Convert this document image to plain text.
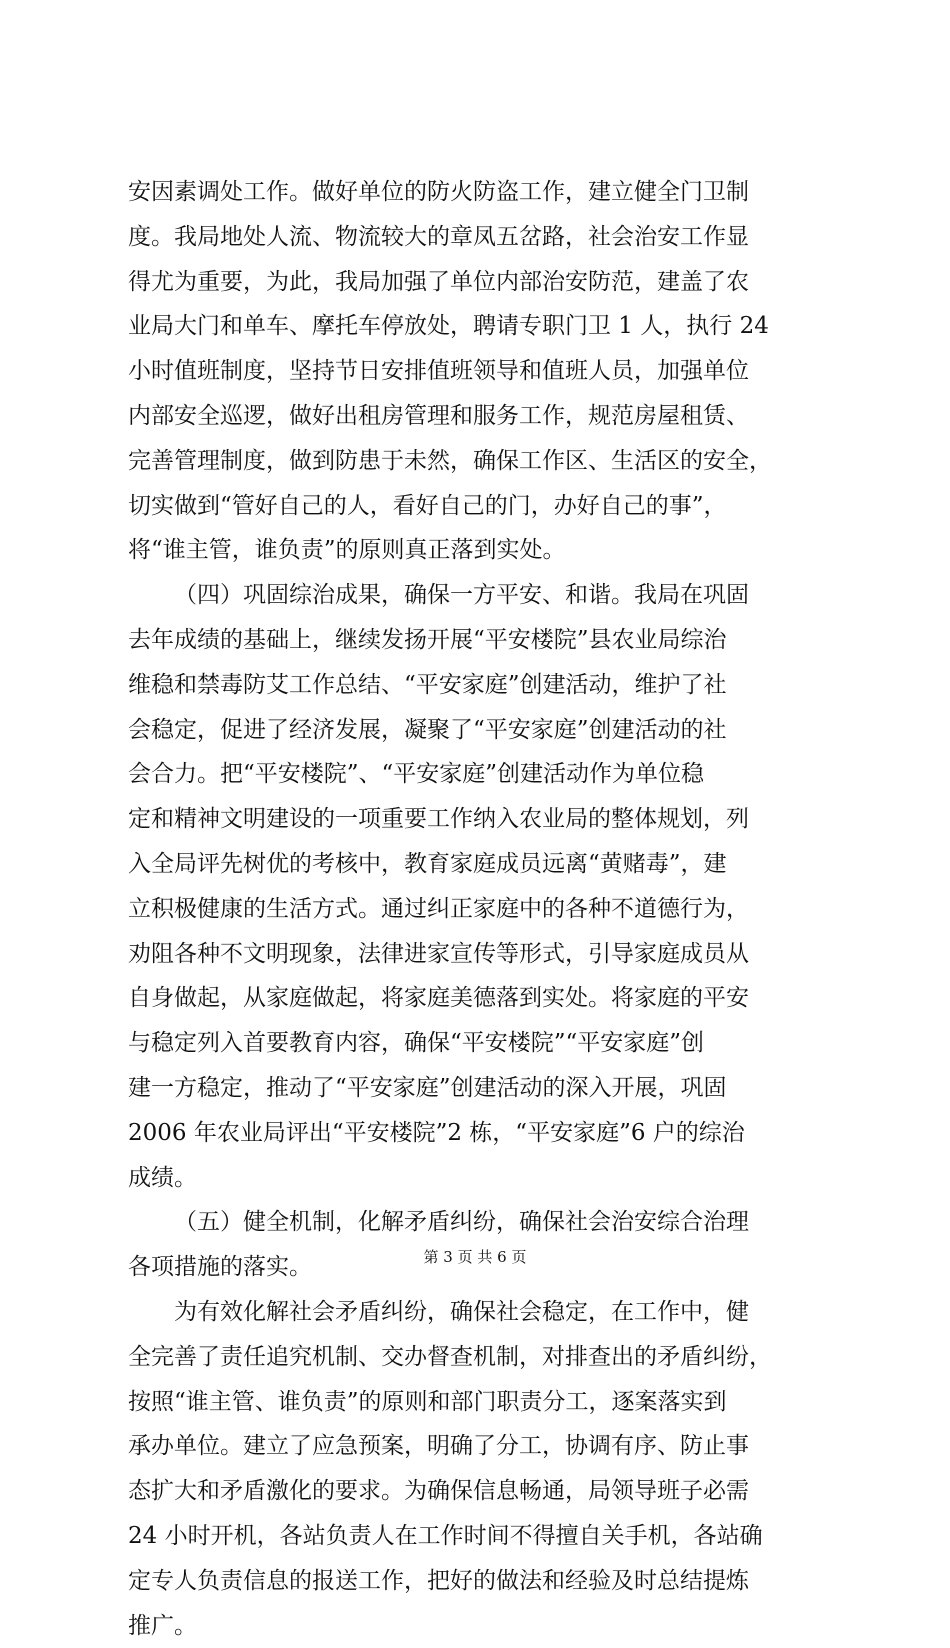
安因素调处工作。做好单位的防火防盗工作，建立健全门卫制
度。我局地处人流、物流较大的章凤五岔路，社会治安工作显
得尤为重要，为此，我局加强了单位内部治安防范，建盖了农
业局大门和单车、摩托车停放处，聘请专职门卫 1 人，执行 24
小时值班制度，坚持节日安排值班领导和值班人员，加强单位
内部安全巡逻，做好出租房管理和服务工作，规范房屋租赁、
完善管理制度，做到防患于未然，确保工作区、生活区的安全，
切实做到“管好自己的人，看好自己的门，办好自己的事”，
将“谁主管，谁负责”的原则真正落到实处。
（四）巩固综治成果，确保一方平安、和谐。我局在巩固
去年成绩的基础上，继续发扬开展“平安楼院”县农业局综治
维稳和禁毒防艾工作总结、“平安家庭”创建活动，维护了社
会稳定，促进了经济发展，凝聚了“平安家庭”创建活动的社
会合力。把“平安楼院”、“平安家庭”创建活动作为单位稳
定和精神文明建设的一项重要工作纳入农业局的整体规划，列
入全局评先树优的考核中，教育家庭成员远离“黄赌毒”，建
立积极健康的生活方式。通过纠正家庭中的各种不道德行为，
劝阻各种不文明现象，法律进家宣传等形式，引导家庭成员从
自身做起，从家庭做起，将家庭美德落到实处。将家庭的平安
与稳定列入首要教育内容，确保“平安楼院”“平安家庭”创
建一方稳定，推动了“平安家庭”创建活动的深入开展，巩固
2006 年农业局评出“平安楼院”2 栋，“平安家庭”6 户的综治
成绩。
（五）健全机制，化解矛盾纠纷，确保社会治安综合治理
各项措施的落实。
为有效化解社会矛盾纠纷，确保社会稳定，在工作中，健
全完善了责任追究机制、交办督查机制，对排查出的矛盾纠纷，
按照“谁主管、谁负责”的原则和部门职责分工，逐案落实到
承办单位。建立了应急预案，明确了分工，协调有序、防止事
态扩大和矛盾激化的要求。为确保信息畅通，局领导班子必需
24 小时开机，各站负责人在工作时间不得擅自关手机，各站确
定专人负责信息的报送工作，把好的做法和经验及时总结提炼
推广。
第 3 页 共 6 页
